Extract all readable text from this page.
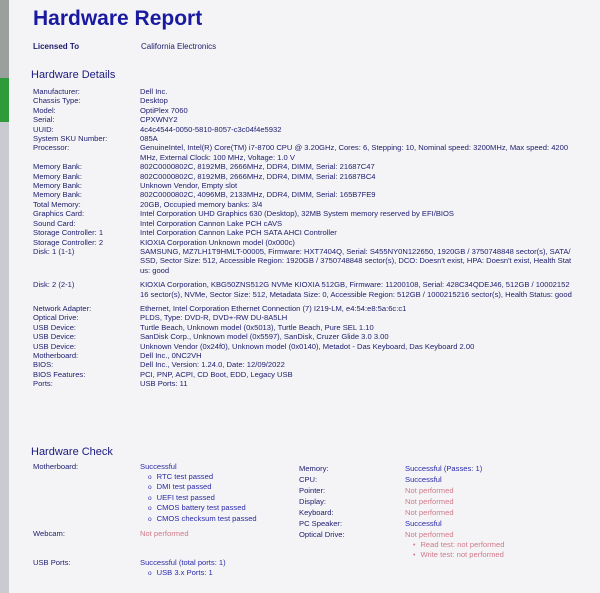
Hardware Report
Licensed To	California Electronics
Hardware Details
Manufacturer:	Dell Inc.
Chassis Type:	Desktop
Model:	OptiPlex 7060
Serial:	CPXWNY2
UUID:	4c4c4544-0050-5810-8057-c3c04f4e5932
System SKU Number:	085A
Processor:	GenuineIntel, Intel(R) Core(TM) i7-8700 CPU @ 3.20GHz, Cores: 6, Stepping: 10, Nominal speed: 3200MHz, Max speed: 4200MHz, External Clock: 100 MHz, Voltage: 1.0 V
Memory Bank:	802C0000802C, 8192MB, 2666MHz, DDR4, DIMM, Serial: 21687C47
Memory Bank:	802C0000802C, 8192MB, 2666MHz, DDR4, DIMM, Serial: 21687BC4
Memory Bank:	Unknown Vendor, Empty slot
Memory Bank:	802C0000802C, 4096MB, 2133MHz, DDR4, DIMM, Serial: 165B7FE9
Total Memory:	20GB, Occupied memory banks: 3/4
Graphics Card:	Intel Corporation UHD Graphics 630 (Desktop), 32MB System memory reserved by EFI/BIOS
Sound Card:	Intel Corporation Cannon Lake PCH cAVS
Storage Controller: 1	Intel Corporation Cannon Lake PCH SATA AHCI Controller
Storage Controller: 2	KIOXIA Corporation Unknown model (0x000c)
Disk: 1 (1-1)	SAMSUNG, MZ7LH1T9HMLT-00005, Firmware: HXT7404Q, Serial: S455NY0N122650, 1920GB / 3750748848 sector(s), SATA/SSD, Sector Size: 512, Accessible Region: 1920GB / 3750748848 sector(s), DCO: Doesn't exist, HPA: Doesn't exist, Health Status: good
Disk: 2 (2-1)	KIOXIA Corporation, KBG50ZNS512G NVMe KIOXIA 512GB, Firmware: 11200108, Serial: 428C34QDEJ46, 512GB / 1000215216 sector(s), NVMe, Sector Size: 512, Metadata Size: 0, Accessible Region: 512GB / 1000215216 sector(s), Health Status: good
Network Adapter:	Ethernet, Intel Corporation Ethernet Connection (7) I219-LM, e4:54:e8:5a:6c:c1
Optical Drive:	PLDS, Type: DVD-R, DVD+-RW DU-8A5LH
USB Device:	Turtle Beach, Unknown model (0x5013), Turtle Beach, Pure SEL 1.10
USB Device:	SanDisk Corp., Unknown model (0x5597), SanDisk, Cruzer Glide 3.0 3.00
USB Device:	Unknown Vendor (0x24f0), Unknown model (0x0140), Metadot - Das Keyboard, Das Keyboard 2.00
Motherboard:	Dell Inc., 0NC2VH
BIOS:	Dell Inc., Version: 1.24.0, Date: 12/09/2022
BIOS Features:	PCI, PNP, ACPI, CD Boot, EDD, Legacy USB
Ports:	USB Ports: 11
Hardware Check
Motherboard:	Successful
o RTC test passed
o DMI test passed
o UEFI test passed
o CMOS battery test passed
o CMOS checksum test passed
Webcam:	Not performed
USB Ports:	Successful (total ports: 1)
o USB 3.x Ports: 1
Memory:	Successful (Passes: 1)
CPU:	Successful
Pointer:	Not performed
Display:	Not performed
Keyboard:	Not performed
PC Speaker:	Successful
Optical Drive:	Not performed
• Read test: not performed
• Write test: not performed
